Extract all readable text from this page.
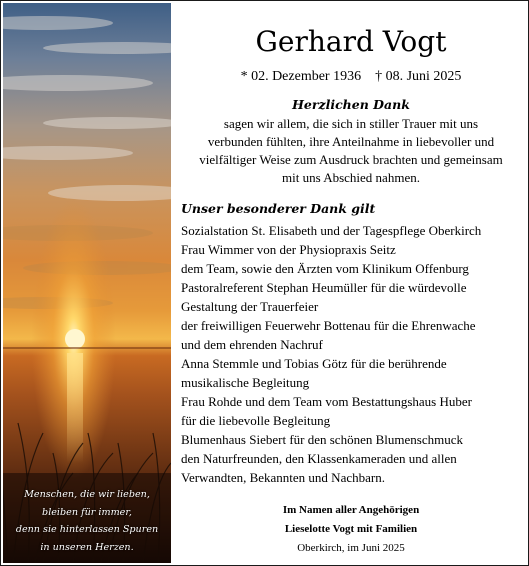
Menschen, die wir lieben,
bleiben für immer,
denn sie hinterlassen Spuren
in unseren Herzen.
Gerhard Vogt
* 02. Dezember 1936 † 08. Juni 2025
Herzlichen Dank
sagen wir allem, die sich in stiller Trauer mit uns
verbunden fühlten, ihre Anteilnahme in liebevoller und
vielfältiger Weise zum Ausdruck brachten und gemeinsam
mit uns Abschied nahmen.
Unser besonderer Dank gilt
Sozialstation St. Elisabeth und der Tagespflege Oberkirch
Frau Wimmer von der Physiopraxis Seitz
dem Team, sowie den Ärzten vom Klinikum Offenburg
Pastoralreferent Stephan Heumüller für die würdevolle
Gestaltung der Trauerfeier
der freiwilligen Feuerwehr Bottenau für die Ehrenwache
und dem ehrenden Nachruf
Anna Stemmle und Tobias Götz für die berührende
musikalische Begleitung
Frau Rohde und dem Team vom Bestattungshaus Huber
für die liebevolle Begleitung
Blumenhaus Siebert für den schönen Blumenschmuck
den Naturfreunden, den Klassenkameraden und allen
Verwandten, Bekannten und Nachbarn.
Im Namen aller Angehörigen
Lieselotte Vogt mit Familien
Oberkirch, im Juni 2025
